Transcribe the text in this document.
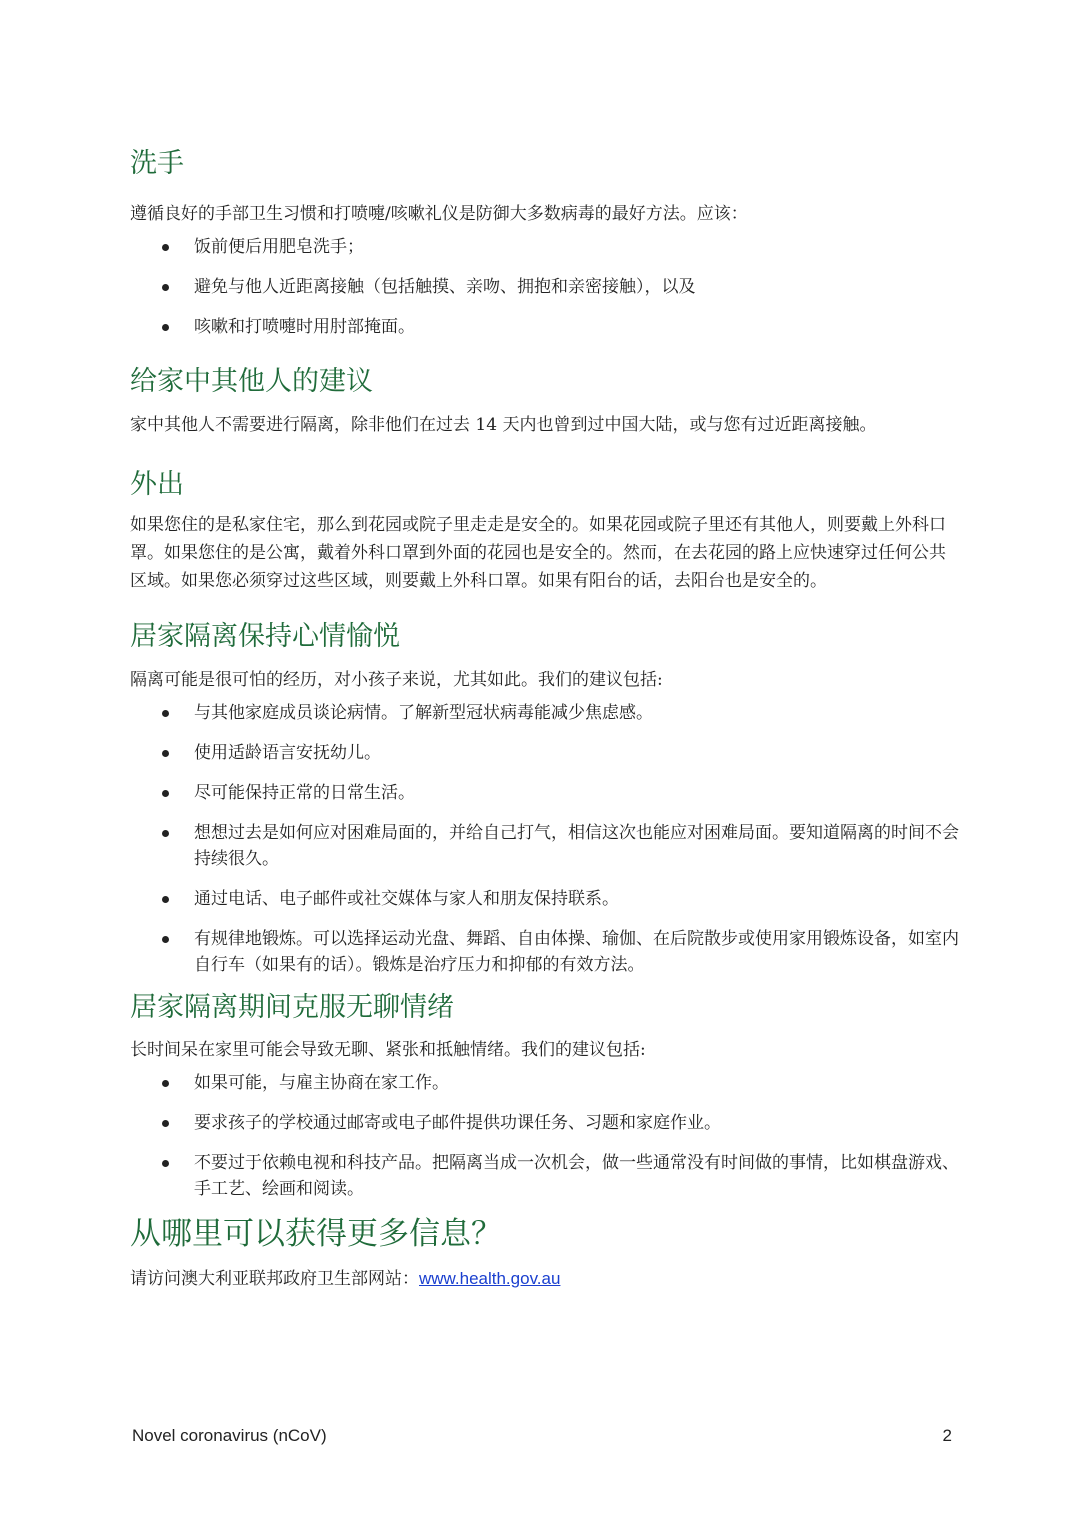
洗手

遵循良好的手部卫生习惯和打喷嚏/咳嗽礼仪是防御大多数病毒的最好方法。应该：

饭前便后用肥皂洗手；
避免与他人近距离接触（包括触摸、亲吻、拥抱和亲密接触），以及
咳嗽和打喷嚏时用肘部掩面。
给家中其他人的建议

家中其他人不需要进行隔离，除非他们在过去 14 天内也曾到过中国大陆，或与您有过近距离接触。

外出

如果您住的是私家住宅，那么到花园或院子里走走是安全的。如果花园或院子里还有其他人，则要戴上外科口罩。如果您住的是公寓，戴着外科口罩到外面的花园也是安全的。然而，在去花园的路上应快速穿过任何公共区域。如果您必须穿过这些区域，则要戴上外科口罩。如果有阳台的话，去阳台也是安全的。

居家隔离保持心情愉悦

隔离可能是很可怕的经历，对小孩子来说，尤其如此。我们的建议包括:

与其他家庭成员谈论病情。了解新型冠状病毒能减少焦虑感。
使用适龄语言安抚幼儿。
尽可能保持正常的日常生活。
想想过去是如何应对困难局面的，并给自己打气，相信这次也能应对困难局面。要知道隔离的时间不会持续很久。
通过电话、电子邮件或社交媒体与家人和朋友保持联系。
有规律地锻炼。可以选择运动光盘、舞蹈、自由体操、瑜伽、在后院散步或使用家用锻炼设备，如室内自行车（如果有的话）。锻炼是治疗压力和抑郁的有效方法。
居家隔离期间克服无聊情绪

长时间呆在家里可能会导致无聊、紧张和抵触情绪。我们的建议包括:

如果可能，与雇主协商在家工作。
要求孩子的学校通过邮寄或电子邮件提供功课任务、习题和家庭作业。
不要过于依赖电视和科技产品。把隔离当成一次机会，做一些通常没有时间做的事情，比如棋盘游戏、手工艺、绘画和阅读。
从哪里可以获得更多信息？

请访问澳大利亚联邦政府卫生部网站：www.health.gov.au

Novel coronavirus (nCoV)	2
